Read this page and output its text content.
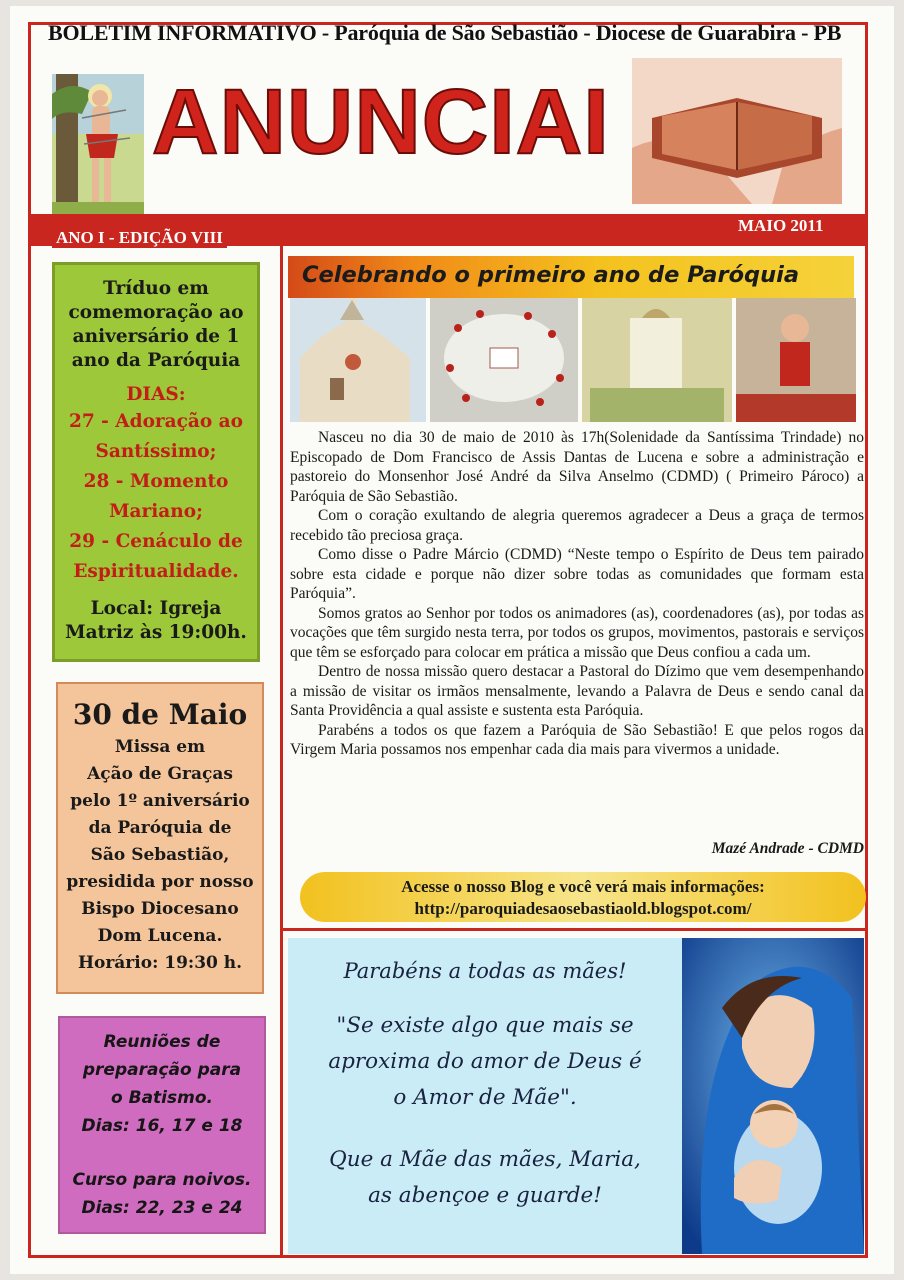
BOLETIM INFORMATIVO - Paróquia de São Sebastião - Diocese de Guarabira - PB
ANUNCIAI
ANO I - EDIÇÃO VIII
MAIO 2011
Tríduo em
comemoração ao
aniversário de 1
ano da Paróquia
DIAS:
27 - Adoração ao
Santíssimo;
28 - Momento
Mariano;
29 - Cenáculo de
Espiritualidade.
Local: Igreja
Matriz às 19:00h.
30 de Maio
Missa em
Ação de Graças
pelo 1º aniversário
da Paróquia de
São Sebastião,
presidida por nosso
Bispo Diocesano
Dom Lucena.
Horário: 19:30 h.
Reuniões de
preparação para
o Batismo.
Dias: 16, 17 e 18
Curso para noivos.
Dias: 22, 23 e 24
Celebrando o primeiro ano de Paróquia

Nasceu no dia 30 de maio de 2010 às 17h(Solenidade da Santíssima Trindade) no Episcopado de Dom Francisco de Assis Dantas de Lucena e sobre a administração e pastoreio do Monsenhor José André da Silva Anselmo (CDMD) ( Primeiro Pároco) a Paróquia de São Sebastião.

Com o coração exultando de alegria queremos agradecer a Deus a graça de termos recebido tão preciosa graça.

Como disse o Padre Márcio (CDMD) “Neste tempo o Espírito de Deus tem pairado sobre esta cidade e porque não dizer sobre todas as comunidades que formam esta Paróquia”.

Somos gratos ao Senhor por todos os animadores (as), coordenadores (as), por todas as vocações que têm surgido nesta terra, por todos os grupos, movimentos, pastorais e serviços que têm se esforçado para colocar em prática a missão que Deus confiou a cada um.

Dentro de nossa missão quero destacar a Pastoral do Dízimo que vem desempenhando a missão de visitar os irmãos mensalmente, levando a Palavra de Deus e sendo canal da Santa Providência a qual assiste e sustenta esta Paróquia.

Parabéns a todos os que fazem a Paróquia de São Sebastião! E que pelos rogos da Virgem Maria possamos nos empenhar cada dia mais para vivermos a unidade.

Mazé Andrade - CDMD
Acesse o nosso Blog e você verá mais informações:
http://paroquiadesaosebastiaold.blogspot.com/
Parabéns a todas as mães!
"Se existe algo que mais se
aproxima do amor de Deus é
o Amor de Mãe".
Que a Mãe das mães, Maria,
as abençoe e guarde!
